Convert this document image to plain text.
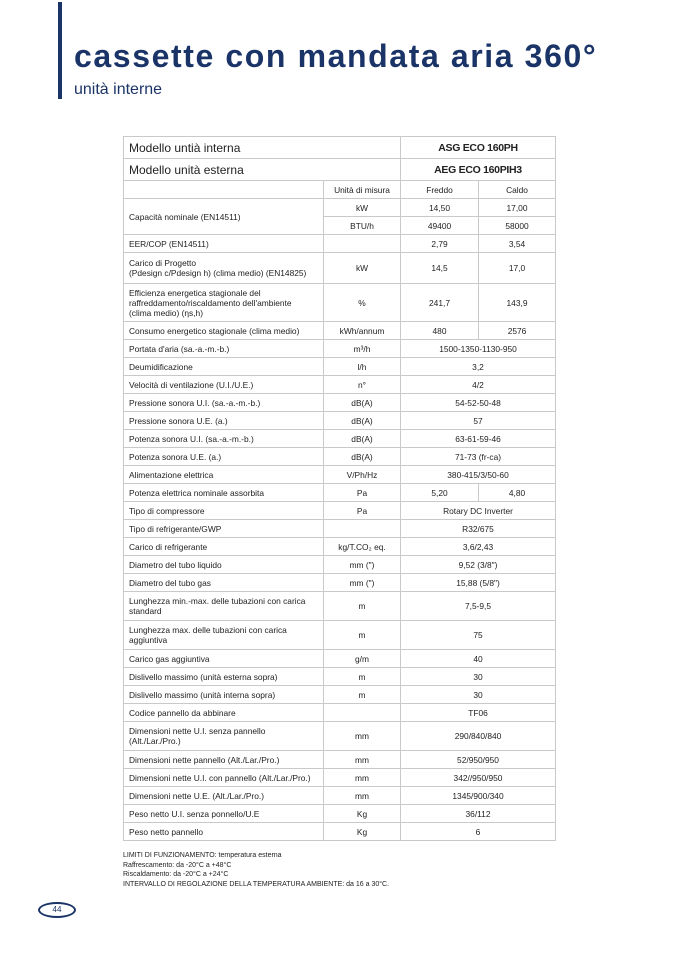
cassette con mandata aria 360°
unità interne
Modello untià interna		ASG ECO 160PH	
Modello unità esterna		AEG ECO 160PIH3	
	Unità di misura	Freddo	Caldo
Capacità nominale (EN14511)	kW	14,50	17,00
	BTU/h	49400	58000
EER/COP (EN14511)		2,79	3,54
Carico di Progetto
(Pdesign c/Pdesign h) (clima medio) (EN14825)	kW	14,5	17,0
Efficienza energetica stagionale del
raffreddamento/riscaldamento dell'ambiente
(clima medio) (ηs,h)	%	241,7	143,9
Consumo energetico stagionale (clima medio)	kWh/annum	480	2576
Portata d'aria (sa.-a.-m.-b.)	m³/h	1500-1350-1130-950	
Deumidificazione	l/h	3,2	
Velocità di ventilazione (U.I./U.E.)	n°	4/2	
Pressione sonora U.I. (sa.-a.-m.-b.)	dB(A)	54-52-50-48	
Pressione sonora U.E. (a.)	dB(A)	57	
Potenza sonora U.I. (sa.-a.-m.-b.)	dB(A)	63-61-59-46	
Potenza sonora U.E. (a.)	dB(A)	71-73 (fr-ca)	
Alimentazione elettrica	V/Ph/Hz	380-415/3/50-60	
Potenza elettrica nominale assorbita	Pa	5,20	4,80
Tipo di compressore	Pa	Rotary DC Inverter	
Tipo di refrigerante/GWP		R32/675	
Carico di refrigerante	kg/T.CO₂ eq.	3,6/2,43	
Diametro del tubo liquido	mm (")	9,52 (3/8")	
Diametro del tubo gas	mm (")	15,88 (5/8")	
Lunghezza min.-max. delle tubazioni con carica
standard	m	7,5-9,5	
Lunghezza max. delle tubazioni con carica
aggiuntiva	m	75	
Carico gas aggiuntiva	g/m	40	
Dislivello massimo (unità esterna sopra)	m	30	
Dislivello massimo (unità interna sopra)	m	30	
Codice pannello da abbinare		TF06	
Dimensioni nette U.I. senza pannello
(Alt./Lar./Pro.)	mm	290/840/840	
Dimensioni nette pannello (Alt./Lar./Pro.)	mm	52/950/950	
Dimensioni nette U.I. con pannello (Alt./Lar./Pro.)	mm	342//950/950	
Dimensioni nette U.E. (Alt./Lar./Pro.)	mm	1345/900/340	
Peso netto U.I. senza ponnello/U.E	Kg	36/112	
Peso netto pannello	Kg	6	
LIMITI DI FUNZIONAMENTO: temperatura esterna
Raffrescamento: da -20°C a +48°C
Riscaldamento: da -20°C a +24°C
INTERVALLO DI REGOLAZIONE DELLA TEMPERATURA AMBIENTE: da 16 a 30°C.
44
